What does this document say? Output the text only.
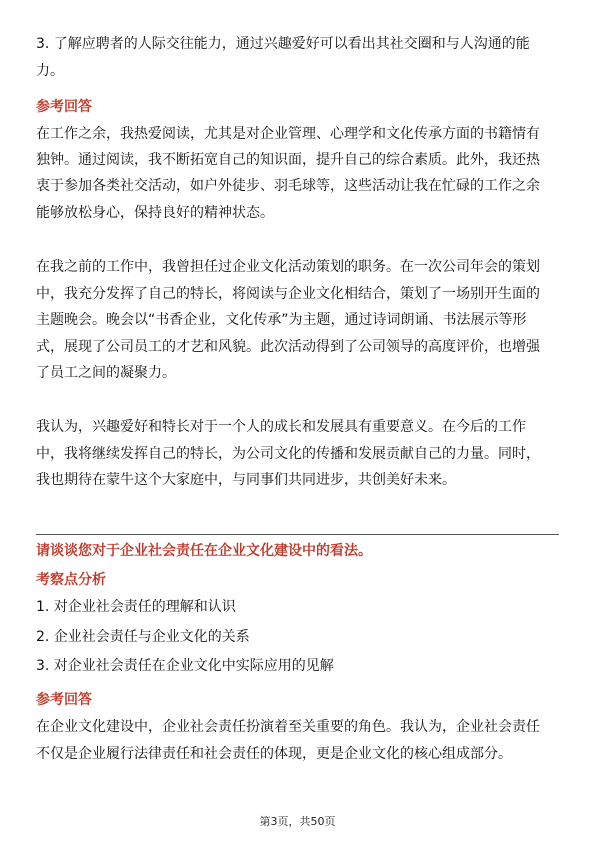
3. 了解应聘者的人际交往能力，通过兴趣爱好可以看出其社交圈和与人沟通的能
力。
参考回答
在工作之余，我热爱阅读，尤其是对企业管理、心理学和文化传承方面的书籍情有
独钟。通过阅读，我不断拓宽自己的知识面，提升自己的综合素质。此外，我还热
衷于参加各类社交活动，如户外徒步、羽毛球等，这些活动让我在忙碌的工作之余
能够放松身心，保持良好的精神状态。
在我之前的工作中，我曾担任过企业文化活动策划的职务。在一次公司年会的策划
中，我充分发挥了自己的特长，将阅读与企业文化相结合，策划了一场别开生面的
主题晚会。晚会以“书香企业，文化传承”为主题，通过诗词朗诵、书法展示等形
式，展现了公司员工的才艺和风貌。此次活动得到了公司领导的高度评价，也增强
了员工之间的凝聚力。
我认为，兴趣爱好和特长对于一个人的成长和发展具有重要意义。在今后的工作
中，我将继续发挥自己的特长，为公司文化的传播和发展贡献自己的力量。同时，
我也期待在蒙牛这个大家庭中，与同事们共同进步，共创美好未来。
请谈谈您对于企业社会责任在企业文化建设中的看法。
考察点分析
1. 对企业社会责任的理解和认识
2. 企业社会责任与企业文化的关系
3. 对企业社会责任在企业文化中实际应用的见解
参考回答
在企业文化建设中，企业社会责任扮演着至关重要的角色。我认为，企业社会责任
不仅是企业履行法律责任和社会责任的体现，更是企业文化的核心组成部分。
第3页，共50页
